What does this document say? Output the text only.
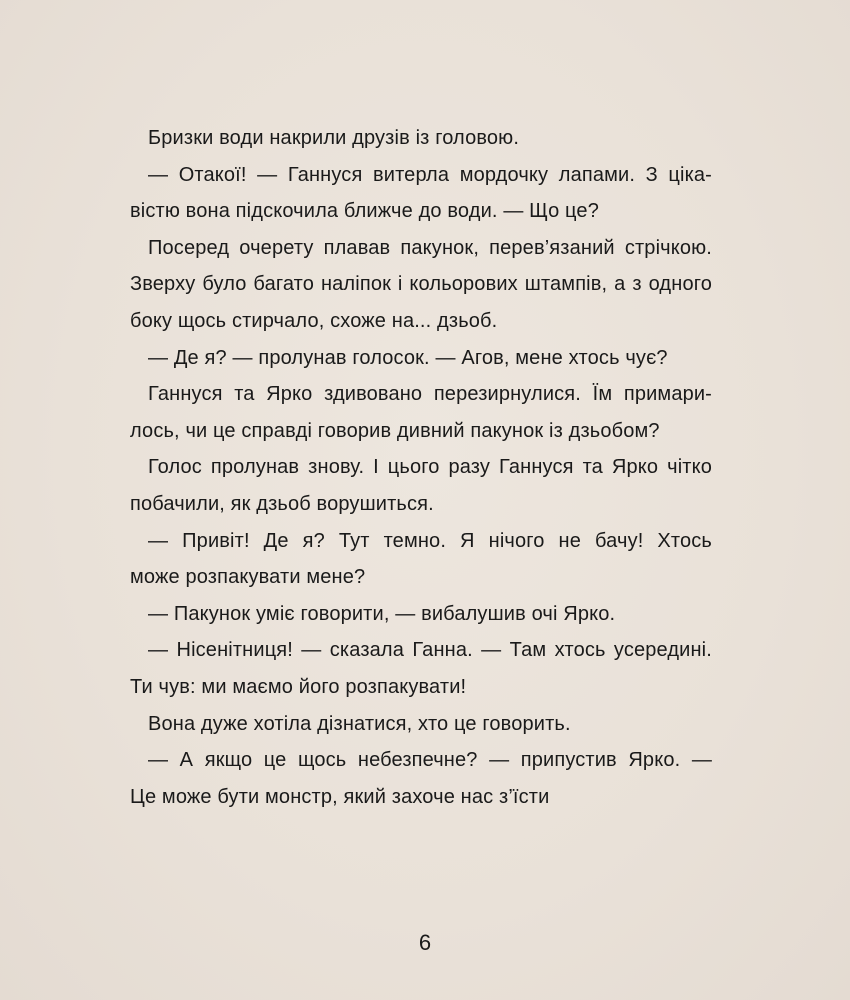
Бризки води накрили друзів із головою.
— Отакої! — Ганнуся витерла мордочку лапами. З ціка-
вістю вона підскочила ближче до води. — Що це?
Посеред очерету плавав пакунок, перев’язаний стрічкою.
Зверху було багато наліпок і кольорових штампів, а з одного
боку щось стирчало, схоже на... дзьоб.
— Де я? — пролунав голосок. — Агов, мене хтось чує?
Ганнуся та Ярко здивовано перезирнулися. Їм примари-
лось, чи це справді говорив дивний пакунок із дзьобом?
Голос пролунав знову. І цього разу Ганнуся та Ярко чітко
побачили, як дзьоб ворушиться.
— Привіт! Де я? Тут темно. Я нічого не бачу! Хтось
може розпакувати мене?
— Пакунок уміє говорити, — вибалушив очі Ярко.
— Нісенітниця! — сказала Ганна. — Там хтось усередині.
Ти чув: ми маємо його розпакувати!
Вона дуже хотіла дізнатися, хто це говорить.
— А якщо це щось небезпечне? — припустив Ярко. —
Це може бути монстр, який захоче нас з’їсти
6
